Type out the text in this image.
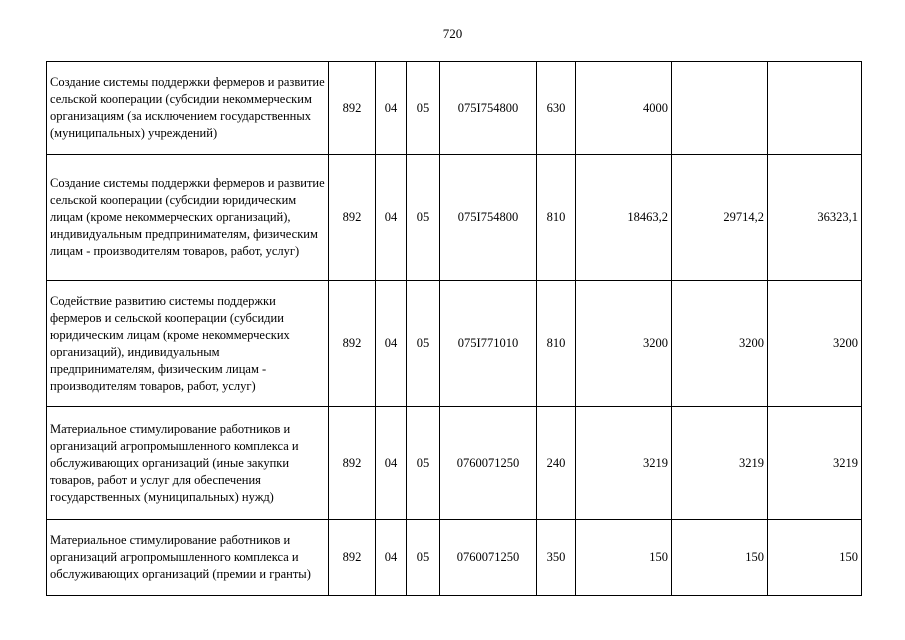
720
Создание системы поддержки фермеров и развитие сельской кооперации (субсидии некоммерческим организациям (за исключением государственных (муниципальных) учреждений)	892	04	05	075I754800	630	4000		
Создание системы поддержки фермеров и развитие сельской кооперации (субсидии юридическим лицам (кроме некоммерческих организаций), индивидуальным предпринимателям, физическим лицам - производителям товаров, работ, услуг)	892	04	05	075I754800	810	18463,2	29714,2	36323,1
Содействие развитию системы поддержки фермеров и сельской кооперации (субсидии юридическим лицам (кроме некоммерческих организаций), индивидуальным предпринимателям, физическим лицам - производителям товаров, работ, услуг)	892	04	05	075I771010	810	3200	3200	3200
Материальное стимулирование работников и организаций агропромышленного комплекса и обслуживающих организаций (иные закупки товаров, работ и услуг для обеспечения государственных (муниципальных) нужд)	892	04	05	0760071250	240	3219	3219	3219
Материальное стимулирование работников и организаций агропромышленного комплекса и обслуживающих организаций (премии и гранты)	892	04	05	0760071250	350	150	150	150
